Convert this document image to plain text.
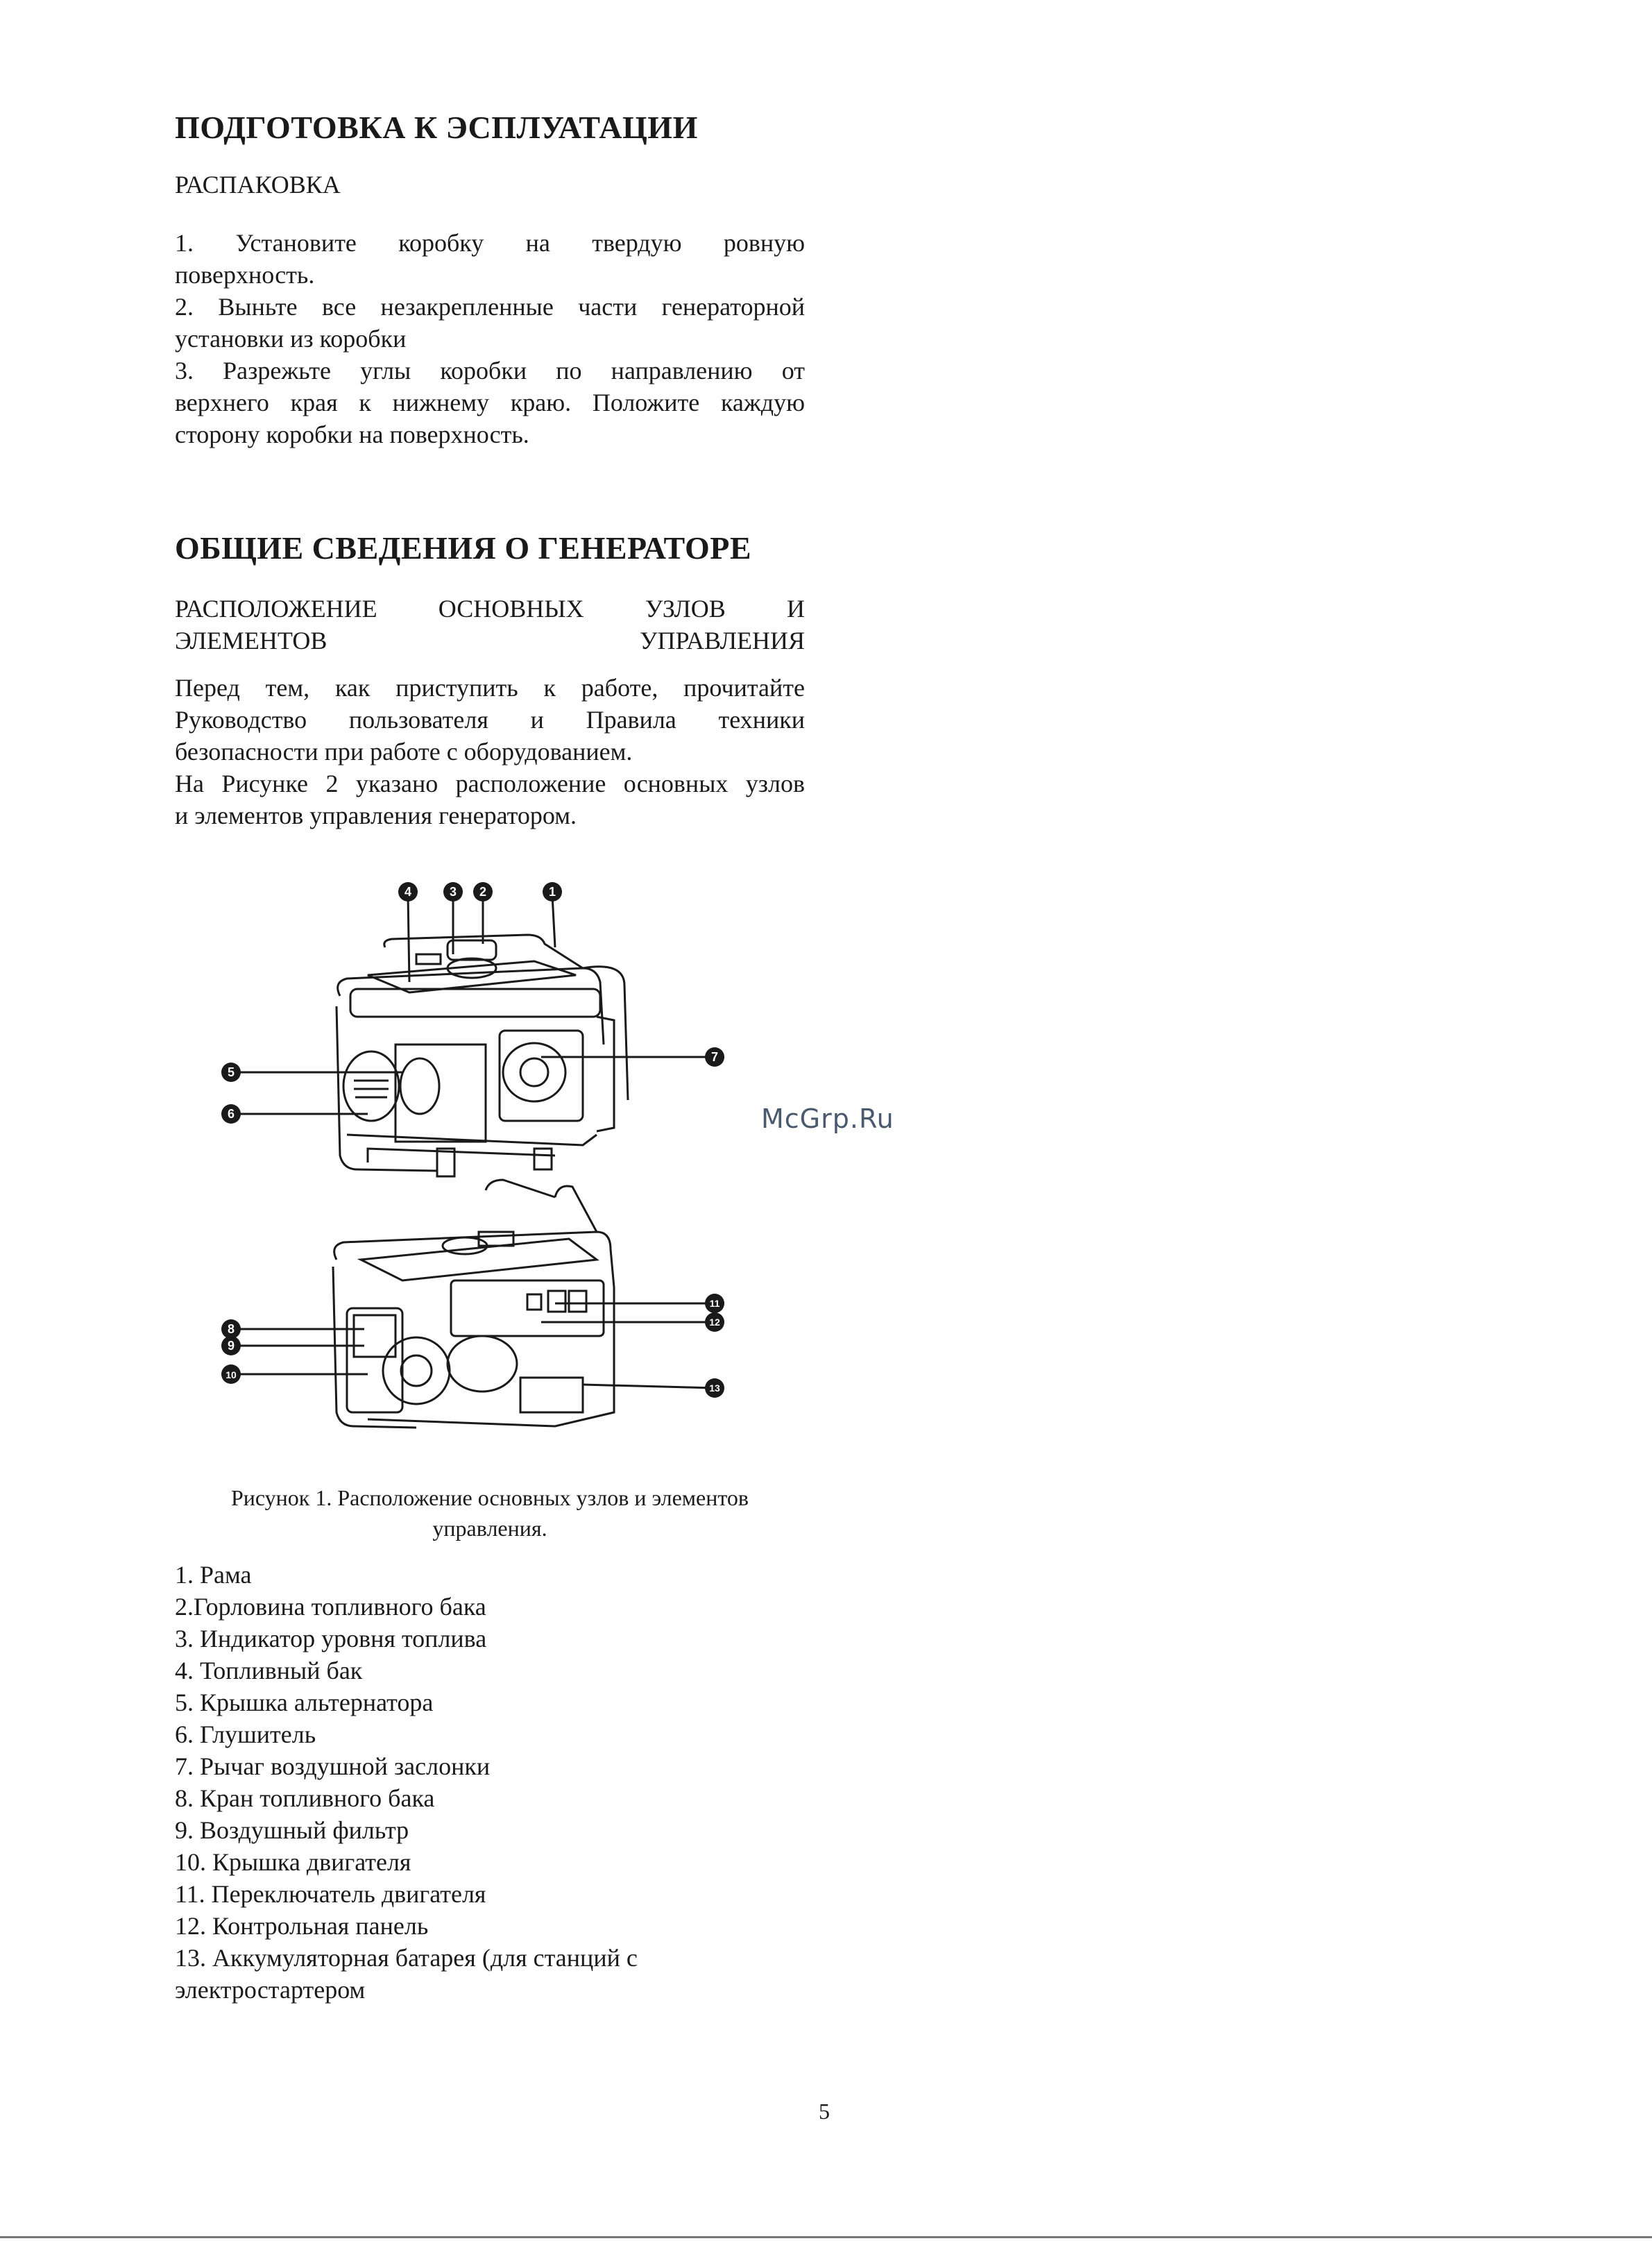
ПОДГОТОВКА К ЭСПЛУАТАЦИИ
РАСПАКОВКА

1. Установите коробку на твердую ровную
поверхность.

2. Выньте все незакрепленные части генераторной
установки из коробки

3. Разрежьте углы коробки по направлению от
верхнего края к нижнему краю. Положите каждую
сторону коробки на поверхность.

ОБЩИЕ СВЕДЕНИЯ О ГЕНЕРАТОРЕ
РАСПОЛОЖЕНИЕ ОСНОВНЫХ УЗЛОВ И
ЭЛЕМЕНТОВ УПРАВЛЕНИЯ

Перед тем, как приступить к работе, прочитайте
Руководство пользователя и Правила техники
безопасности при работе с оборудованием.
На Рисунке 2 указано расположение основных узлов
и элементов управления генератором.

1
2
3
4
5
6
7
8
9
10
11
12
13
McGrp.Ru
Рисунок 1. Расположение основных узлов и элементов
управления.
1. Рама
2.Горловина топливного бака
3. Индикатор уровня топлива
4. Топливный бак
5. Крышка альтернатора
6. Глушитель
7. Рычаг воздушной заслонки
8. Кран топливного бака
9. Воздушный фильтр
10. Крышка двигателя
11. Переключатель двигателя
12. Контрольная панель
13. Аккумуляторная батарея (для станций с
электростартером
5
